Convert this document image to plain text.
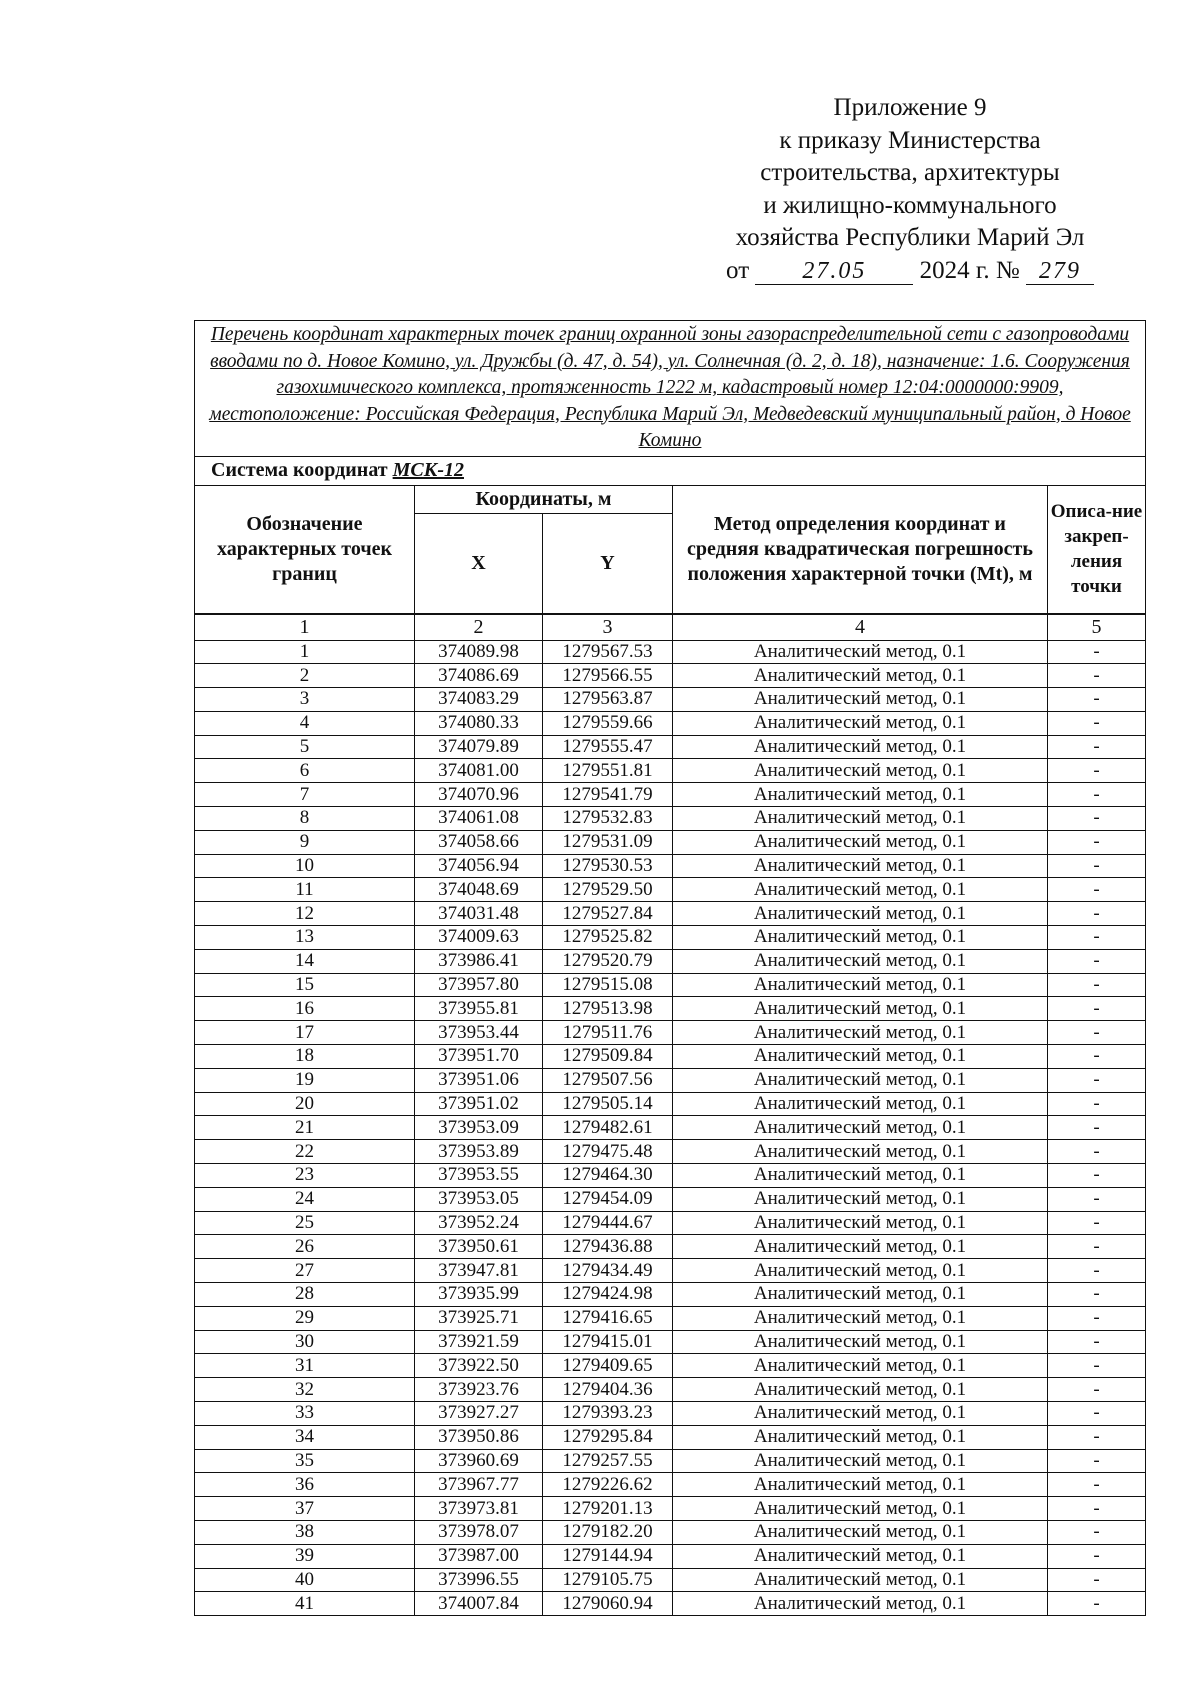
Приложение 9
к приказу Министерства
строительства, архитектуры
и жилищно-коммунального
хозяйства Республики Марий Эл
от 27.05 2024 г. № 279
Перечень координат характерных точек границ охранной зоны газораспределительной сети с газопроводами вводами по д. Новое Комино, ул. Дружбы (д. 47, д. 54), ул. Солнечная (д. 2, д. 18), назначение: 1.6. Сооружения газохимического комплекса, протяженность 1222 м, кадастровый номер 12:04:0000000:9909, местоположение: Российская Федерация, Республика Марий Эл, Медведевский муниципальный район, д Новое Комино				
Система координат МСК-12				
Обозначение характерных точек границ	Координаты, м		Метод определения координат и средняя квадратическая погрешность положения характерной точки (Mt), м	Описа-ние закреп-ления точки
	X	Y		
1	2	3	4	5
1	374089.98	1279567.53	Аналитический метод, 0.1	-
2	374086.69	1279566.55	Аналитический метод, 0.1	-
3	374083.29	1279563.87	Аналитический метод, 0.1	-
4	374080.33	1279559.66	Аналитический метод, 0.1	-
5	374079.89	1279555.47	Аналитический метод, 0.1	-
6	374081.00	1279551.81	Аналитический метод, 0.1	-
7	374070.96	1279541.79	Аналитический метод, 0.1	-
8	374061.08	1279532.83	Аналитический метод, 0.1	-
9	374058.66	1279531.09	Аналитический метод, 0.1	-
10	374056.94	1279530.53	Аналитический метод, 0.1	-
11	374048.69	1279529.50	Аналитический метод, 0.1	-
12	374031.48	1279527.84	Аналитический метод, 0.1	-
13	374009.63	1279525.82	Аналитический метод, 0.1	-
14	373986.41	1279520.79	Аналитический метод, 0.1	-
15	373957.80	1279515.08	Аналитический метод, 0.1	-
16	373955.81	1279513.98	Аналитический метод, 0.1	-
17	373953.44	1279511.76	Аналитический метод, 0.1	-
18	373951.70	1279509.84	Аналитический метод, 0.1	-
19	373951.06	1279507.56	Аналитический метод, 0.1	-
20	373951.02	1279505.14	Аналитический метод, 0.1	-
21	373953.09	1279482.61	Аналитический метод, 0.1	-
22	373953.89	1279475.48	Аналитический метод, 0.1	-
23	373953.55	1279464.30	Аналитический метод, 0.1	-
24	373953.05	1279454.09	Аналитический метод, 0.1	-
25	373952.24	1279444.67	Аналитический метод, 0.1	-
26	373950.61	1279436.88	Аналитический метод, 0.1	-
27	373947.81	1279434.49	Аналитический метод, 0.1	-
28	373935.99	1279424.98	Аналитический метод, 0.1	-
29	373925.71	1279416.65	Аналитический метод, 0.1	-
30	373921.59	1279415.01	Аналитический метод, 0.1	-
31	373922.50	1279409.65	Аналитический метод, 0.1	-
32	373923.76	1279404.36	Аналитический метод, 0.1	-
33	373927.27	1279393.23	Аналитический метод, 0.1	-
34	373950.86	1279295.84	Аналитический метод, 0.1	-
35	373960.69	1279257.55	Аналитический метод, 0.1	-
36	373967.77	1279226.62	Аналитический метод, 0.1	-
37	373973.81	1279201.13	Аналитический метод, 0.1	-
38	373978.07	1279182.20	Аналитический метод, 0.1	-
39	373987.00	1279144.94	Аналитический метод, 0.1	-
40	373996.55	1279105.75	Аналитический метод, 0.1	-
41	374007.84	1279060.94	Аналитический метод, 0.1	-
